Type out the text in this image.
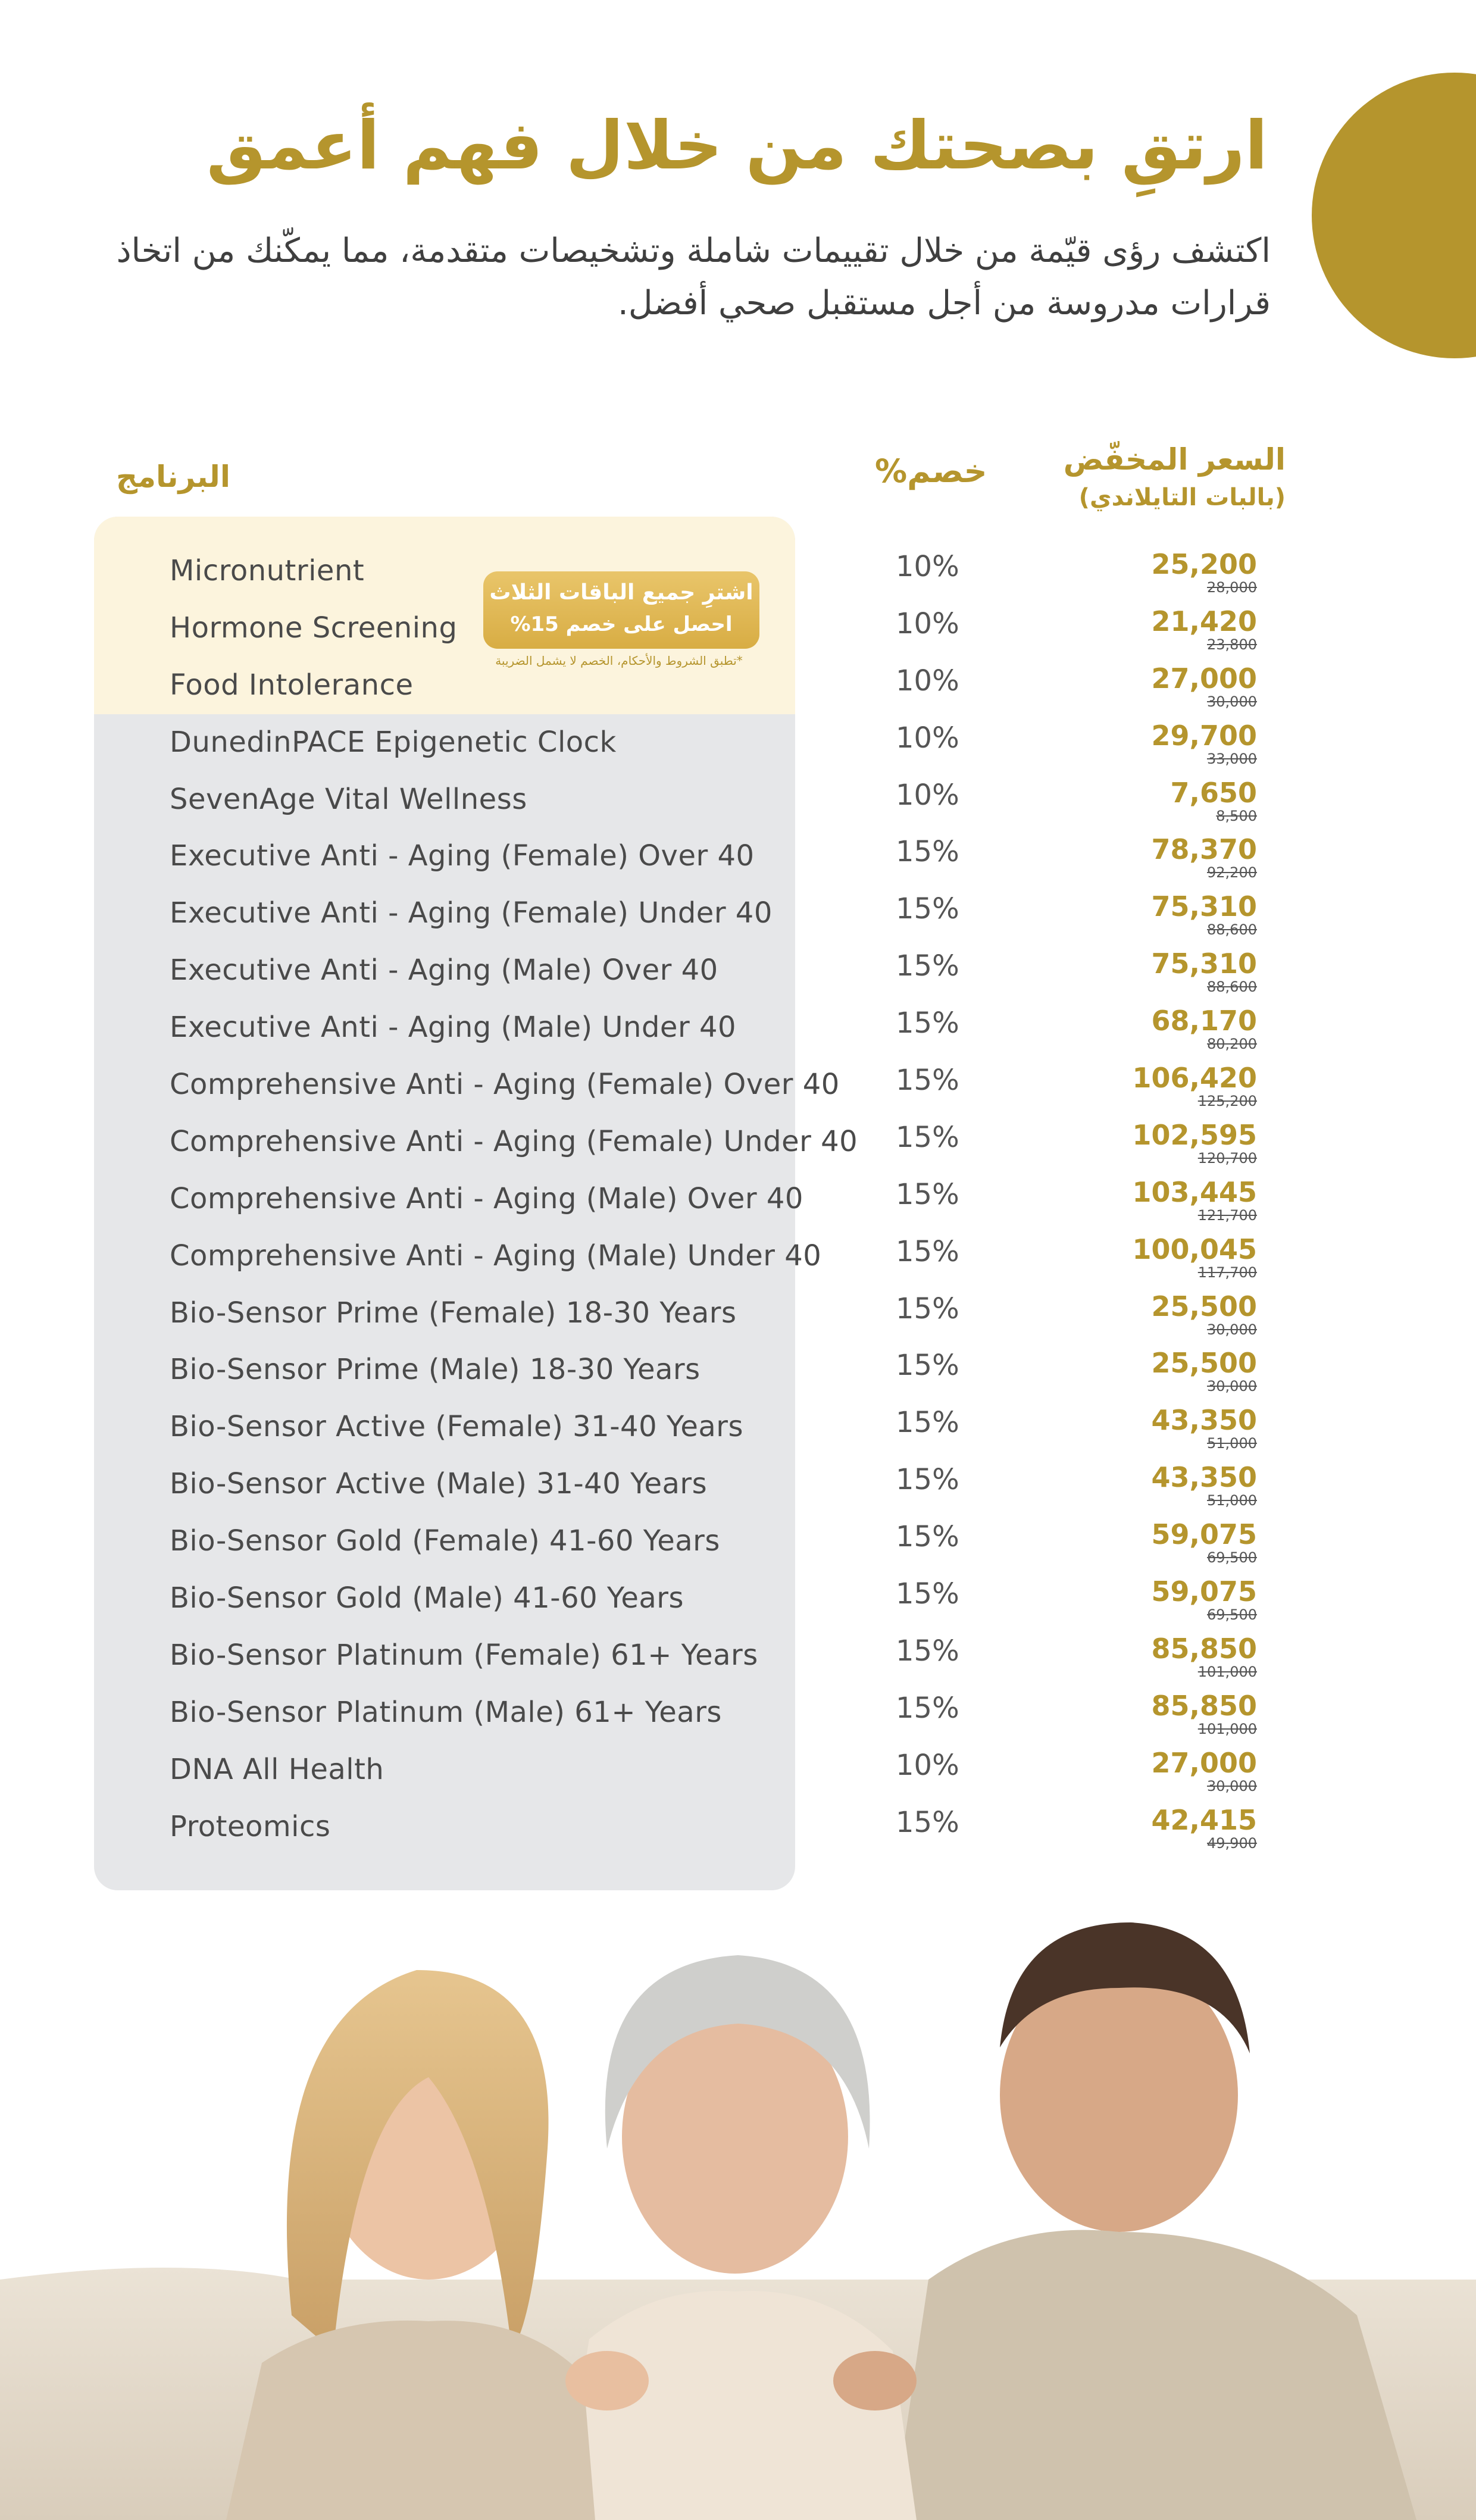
ارتقِ بصحتك من خلال فهم أعمق
اكتشف رؤى قيّمة من خلال تقييمات شاملة وتشخيصات متقدمة، مما يمكّنك من اتخاذ قرارات مدروسة من أجل مستقبل صحي أفضل.
البرنامج	%خصم	السعر المخفّض
(بالبات التايلاندي)
Micronutrient
Hormone Screening
Food Intolerance
DunedinPACE Epigenetic Clock
SevenAge Vital Wellness
Executive Anti - Aging (Female) Over 40
Executive Anti - Aging (Female) Under 40
Executive Anti - Aging (Male) Over 40
Executive Anti - Aging (Male) Under 40
Comprehensive Anti - Aging (Female) Over 40
Comprehensive Anti - Aging (Female) Under 40
Comprehensive Anti - Aging (Male) Over 40
Comprehensive Anti - Aging (Male) Under 40
Bio-Sensor Prime (Female) 18-30 Years
Bio-Sensor Prime (Male) 18-30 Years
Bio-Sensor Active (Female) 31-40 Years
Bio-Sensor Active (Male) 31-40 Years
Bio-Sensor Gold (Female) 41-60 Years
Bio-Sensor Gold (Male) 41-60 Years
Bio-Sensor Platinum (Female) 61+ Years
Bio-Sensor Platinum (Male) 61+ Years
DNA All Health
Proteomics
10%
10%
10%
10%
10%
15%
15%
15%
15%
15%
15%
15%
15%
15%
15%
15%
15%
15%
15%
15%
15%
10%
15%
25,200
28,000
21,420
23,800
27,000
30,000
29,700
33,000
7,650
8,500
78,370
92,200
75,310
88,600
75,310
88,600
68,170
80,200
106,420
125,200
102,595
120,700
103,445
121,700
100,045
117,700
25,500
30,000
25,500
30,000
43,350
51,000
43,350
51,000
59,075
69,500
59,075
69,500
85,850
101,000
85,850
101,000
27,000
30,000
42,415
49,900
اشترِ جميع الباقات الثلاث
احصل على خصم 15%
*تطبق الشروط والأحكام، الخصم لا يشمل الضريبة
